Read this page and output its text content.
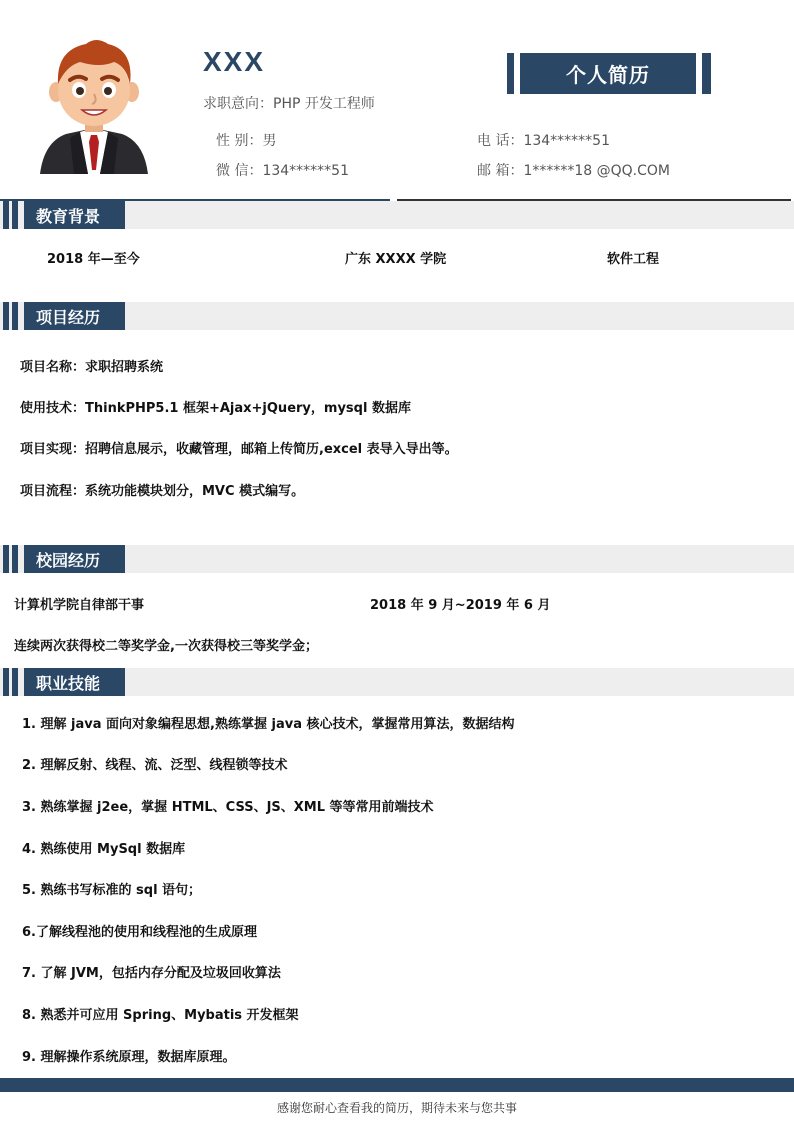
XXX
求职意向：PHP 开发工程师
个人简历
性 别：男
微 信：134******51
电 话：134******51
邮 箱：1******18 @QQ.COM
教育背景
2018 年—至今	广东 XXXX 学院	软件工程
项目经历
项目名称：求职招聘系统
使用技术：ThinkPHP5.1 框架+Ajax+jQuery，mysql 数据库
项目实现：招聘信息展示，收藏管理，邮箱上传简历,excel 表导入导出等。
项目流程：系统功能模块划分，MVC 模式编写。
校园经历
计算机学院自律部干事	2018 年 9 月~2019 年 6 月
连续两次获得校二等奖学金,一次获得校三等奖学金；
职业技能
1. 理解 java 面向对象编程思想,熟练掌握 java 核心技术，掌握常用算法，数据结构
2. 理解反射、线程、流、泛型、线程锁等技术
3. 熟练掌握 j2ee，掌握 HTML、CSS、JS、XML 等等常用前端技术
4. 熟练使用 MySql 数据库
5. 熟练书写标准的 sql 语句；
6.了解线程池的使用和线程池的生成原理
7. 了解 JVM，包括内存分配及垃圾回收算法
8. 熟悉并可应用 Spring、Mybatis 开发框架
9. 理解操作系统原理，数据库原理。
感谢您耐心查看我的简历，期待未来与您共事
